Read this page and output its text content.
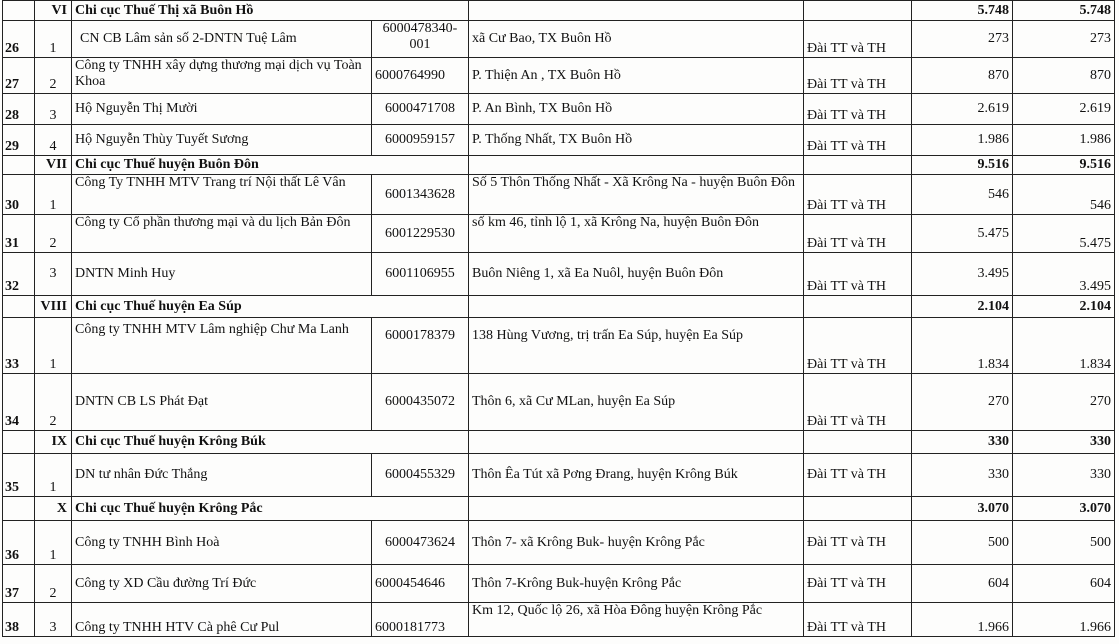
	VI	Chi cục Thuế Thị xã Buôn Hồ				5.748	5.748
26	1	CN CB Lâm sản số 2-DNTN Tuệ Lâm	6000478340-001	xã Cư Bao, TX Buôn Hồ	Đài TT và TH	273	273
27	2	Công ty TNHH xây dựng thương mại dịch vụ Toàn Khoa	6000764990	P. Thiện An , TX Buôn Hồ	Đài TT và TH	870	870
28	3	Hộ Nguyễn Thị Mười	6000471708	P. An Bình, TX Buôn Hồ	Đài TT và TH	2.619	2.619
29	4	Hộ Nguyễn Thùy Tuyết Sương	6000959157	P. Thống Nhất, TX Buôn Hồ	Đài TT và TH	1.986	1.986
	VII	Chi cục Thuế huyện Buôn Đôn				9.516	9.516
30	1	Công Ty TNHH MTV Trang trí Nội thất Lê Vân	6001343628	Số 5 Thôn Thống Nhất - Xã Krông Na - huyện Buôn Đôn	Đài TT và TH	546	546
31	2	Công ty Cổ phần thương mại và du lịch Bản Đôn	6001229530	số km 46, tỉnh lộ 1, xã Krông Na, huyện Buôn Đôn	Đài TT và TH	5.475	5.475
32	3	DNTN Minh Huy	6001106955	Buôn Niêng 1, xã Ea Nuôl, huyện Buôn Đôn	Đài TT và TH	3.495	3.495
	VIII	Chi cục Thuế huyện Ea Súp				2.104	2.104
33	1	Công ty TNHH MTV Lâm nghiệp Chư Ma Lanh	6000178379	138 Hùng Vương, trị trấn Ea Súp, huyện Ea Súp	Đài TT và TH	1.834	1.834
34	2	DNTN CB LS Phát Đạt	6000435072	Thôn 6, xã Cư MLan, huyện Ea Súp	Đài TT và TH	270	270
	IX	Chi cục Thuế huyện Krông Búk				330	330
35	1	DN tư nhân Đức Thắng	6000455329	Thôn Êa Tút xã Pơng Đrang, huyện Krông Búk	Đài TT và TH	330	330
	X	Chi cục Thuế huyện Krông Pắc				3.070	3.070
36	1	Công ty TNHH Bình Hoà	6000473624	Thôn 7- xã Krông Buk- huyện Krông Pắc	Đài TT và TH	500	500
37	2	Công ty XD Cầu đường Trí Đức	6000454646	Thôn 7-Krông Buk-huyện Krông Pắc	Đài TT và TH	604	604
38	3	Công ty TNHH HTV Cà phê Cư Pul	6000181773	Km 12, Quốc lộ 26, xã Hòa Đông huyện Krông Pắc	Đài TT và TH	1.966	1.966
